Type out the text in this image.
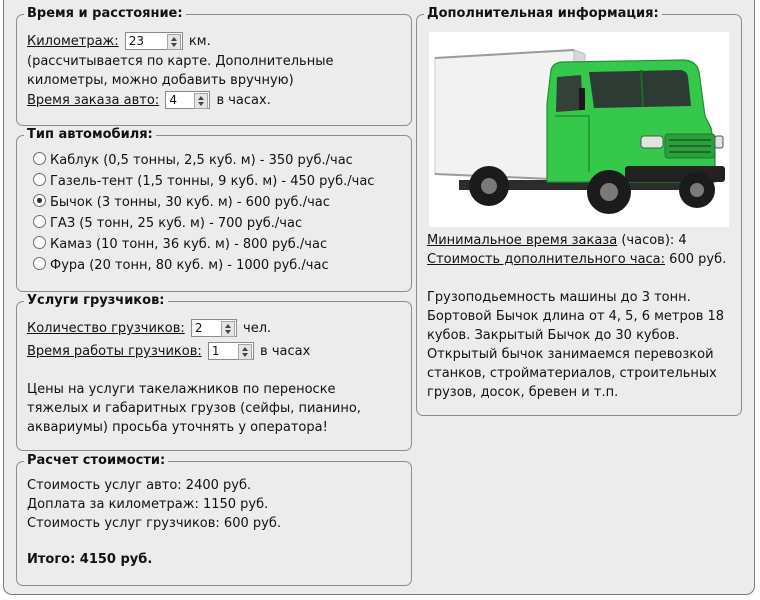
Время и расстояние:
Километраж: 23	км.
(рассчитывается по карте. Дополнительные
километры, можно добавить вручную)
Время заказа авто: 4	в часах.
Тип автомобиля:
Каблук (0,5 тонны, 2,5 куб. м) - 350 руб./час
Газель-тент (1,5 тонны, 9 куб. м) - 450 руб./час
Бычок (3 тонны, 30 куб. м) - 600 руб./час
ГАЗ (5 тонн, 25 куб. м) - 700 руб./час
Камаз (10 тонн, 36 куб. м) - 800 руб./час
Фура (20 тонн, 80 куб. м) - 1000 руб./час
Услуги грузчиков:
Количество грузчиков: 2	чел.
Время работы грузчиков: 1	в часах
Цены на услуги такелажников по переноске
тяжелых и габаритных грузов (сейфы, пианино,
аквариумы) просьба уточнять у оператора!
Расчет стоимости:
Стоимость услуг авто: 2400 руб.
Доплата за километраж: 1150 руб.
Стоимость услуг грузчиков: 600 руб.
Итого: 4150 руб.
Дополнительная информация:
Минимальное время заказа (часов): 4
Стоимость дополнительного часа: 600 руб.
Грузоподьемность машины до 3 тонн.
Бортовой Бычок длина от 4, 5, 6 метров 18
кубов. Закрытый Бычок до 30 кубов.
Открытый бычок занимаемся перевозкой
станков, стройматериалов, строительных
грузов, досок, бревен и т.п.
